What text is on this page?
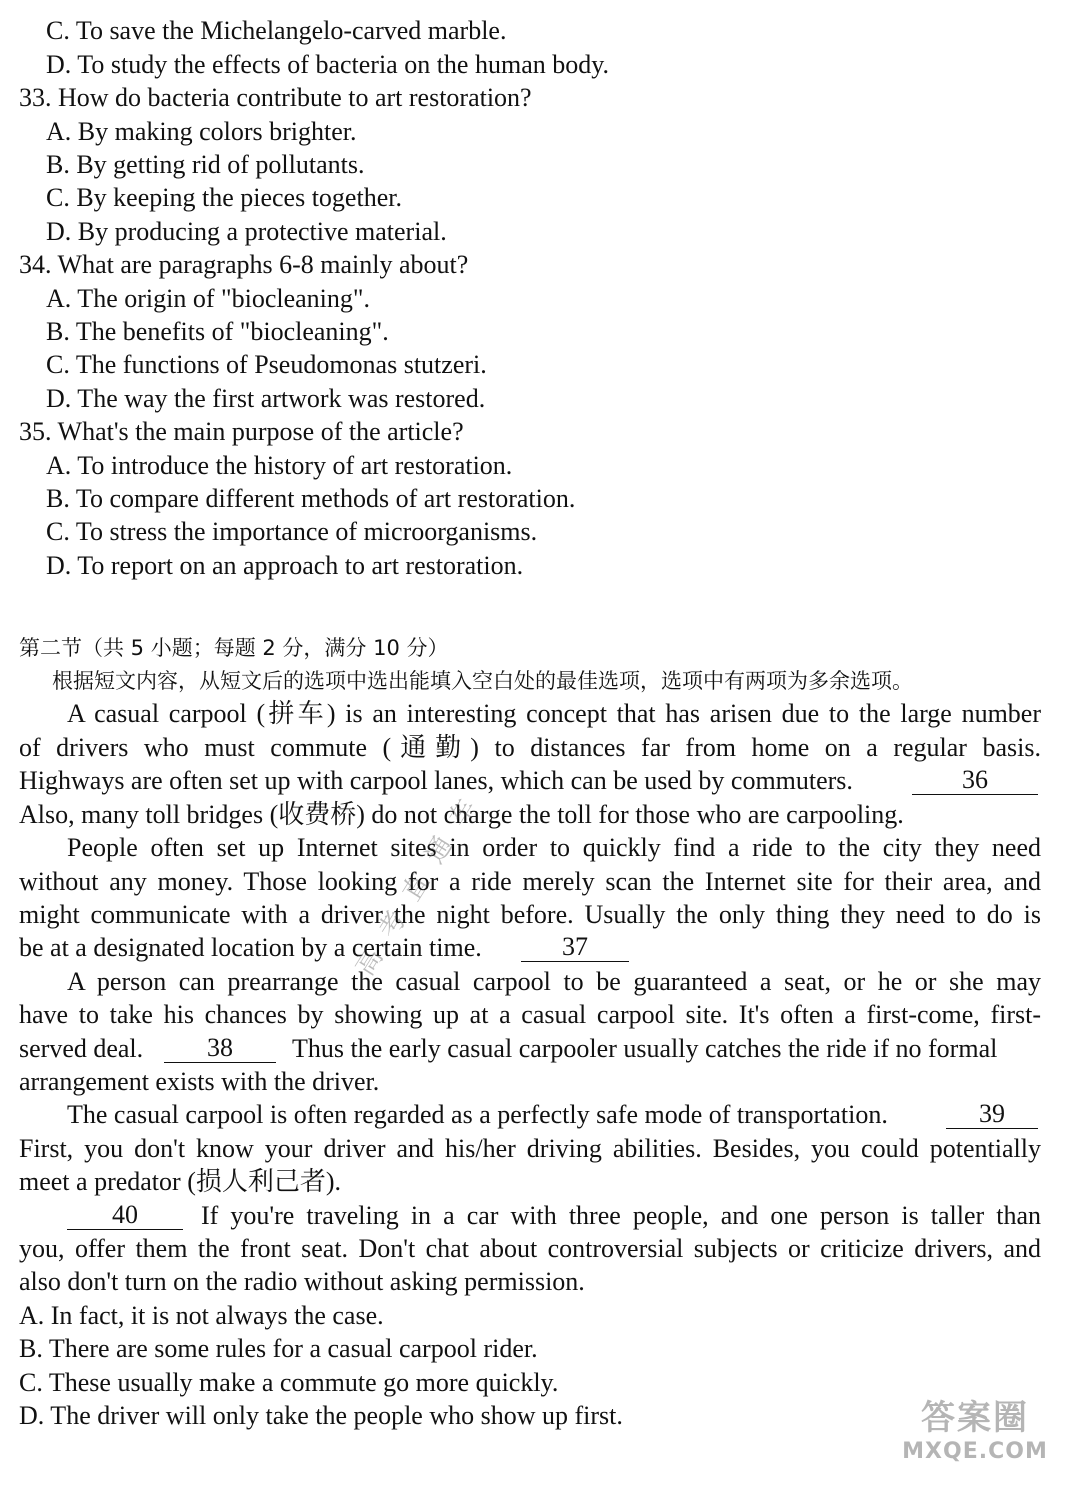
C. To save the Michelangelo-carved marble.
D. To study the effects of bacteria on the human body.
33. How do bacteria contribute to art restoration?
A. By making colors brighter.
B. By getting rid of pollutants.
C. By keeping the pieces together.
D. By producing a protective material.
34. What are paragraphs 6-8 mainly about?
A. The origin of "biocleaning".
B. The benefits of "biocleaning".
C. The functions of Pseudomonas stutzeri.
D. The way the first artwork was restored.
35. What's the main purpose of the article?
A. To introduce the history of art restoration.
B. To compare different methods of art restoration.
C. To stress the importance of microorganisms.
D. To report on an approach to art restoration.
第二节（共 5 小题；每题 2 分，满分 10 分）
根据短文内容，从短文后的选项中选出能填入空白处的最佳选项，选项中有两项为多余选项。
A casual carpool (拼车) is an interesting concept that has arisen due to the large number
of drivers who must commute (通勤) to distances far from home on a regular basis.
Highways are often set up with carpool lanes, which can be used by commuters.	36
Also, many toll bridges (收费桥) do not charge the toll for those who are carpooling.
People often set up Internet sites in order to quickly find a ride to the city they need
without any money. Those looking for a ride merely scan the Internet site for their area, and
might communicate with a driver the night before. Usually the only thing they need to do is
be at a designated location by a certain time.	37
A person can prearrange the casual carpool to be guaranteed a seat, or he or she may
have to take his chances by showing up at a casual carpool site. It's often a first-come, first-
served deal.	38	Thus the early casual carpooler usually catches the ride if no formal
arrangement exists with the driver.
The casual carpool is often regarded as a perfectly safe mode of transportation.	39
First, you don't know your driver and his/her driving abilities. Besides, you could potentially
meet a predator (损人利己者).
40	If you're traveling in a car with three people, and one person is taller than
you, offer them the front seat. Don't chat about controversial subjects or criticize drivers, and
also don't turn on the radio without asking permission.
A. In fact, it is not always the case.
B. There are some rules for a casual carpool rider.
C. These usually make a commute go more quickly.
D. The driver will only take the people who show up first.
高考直通车
答案圈
MXQE.COM
